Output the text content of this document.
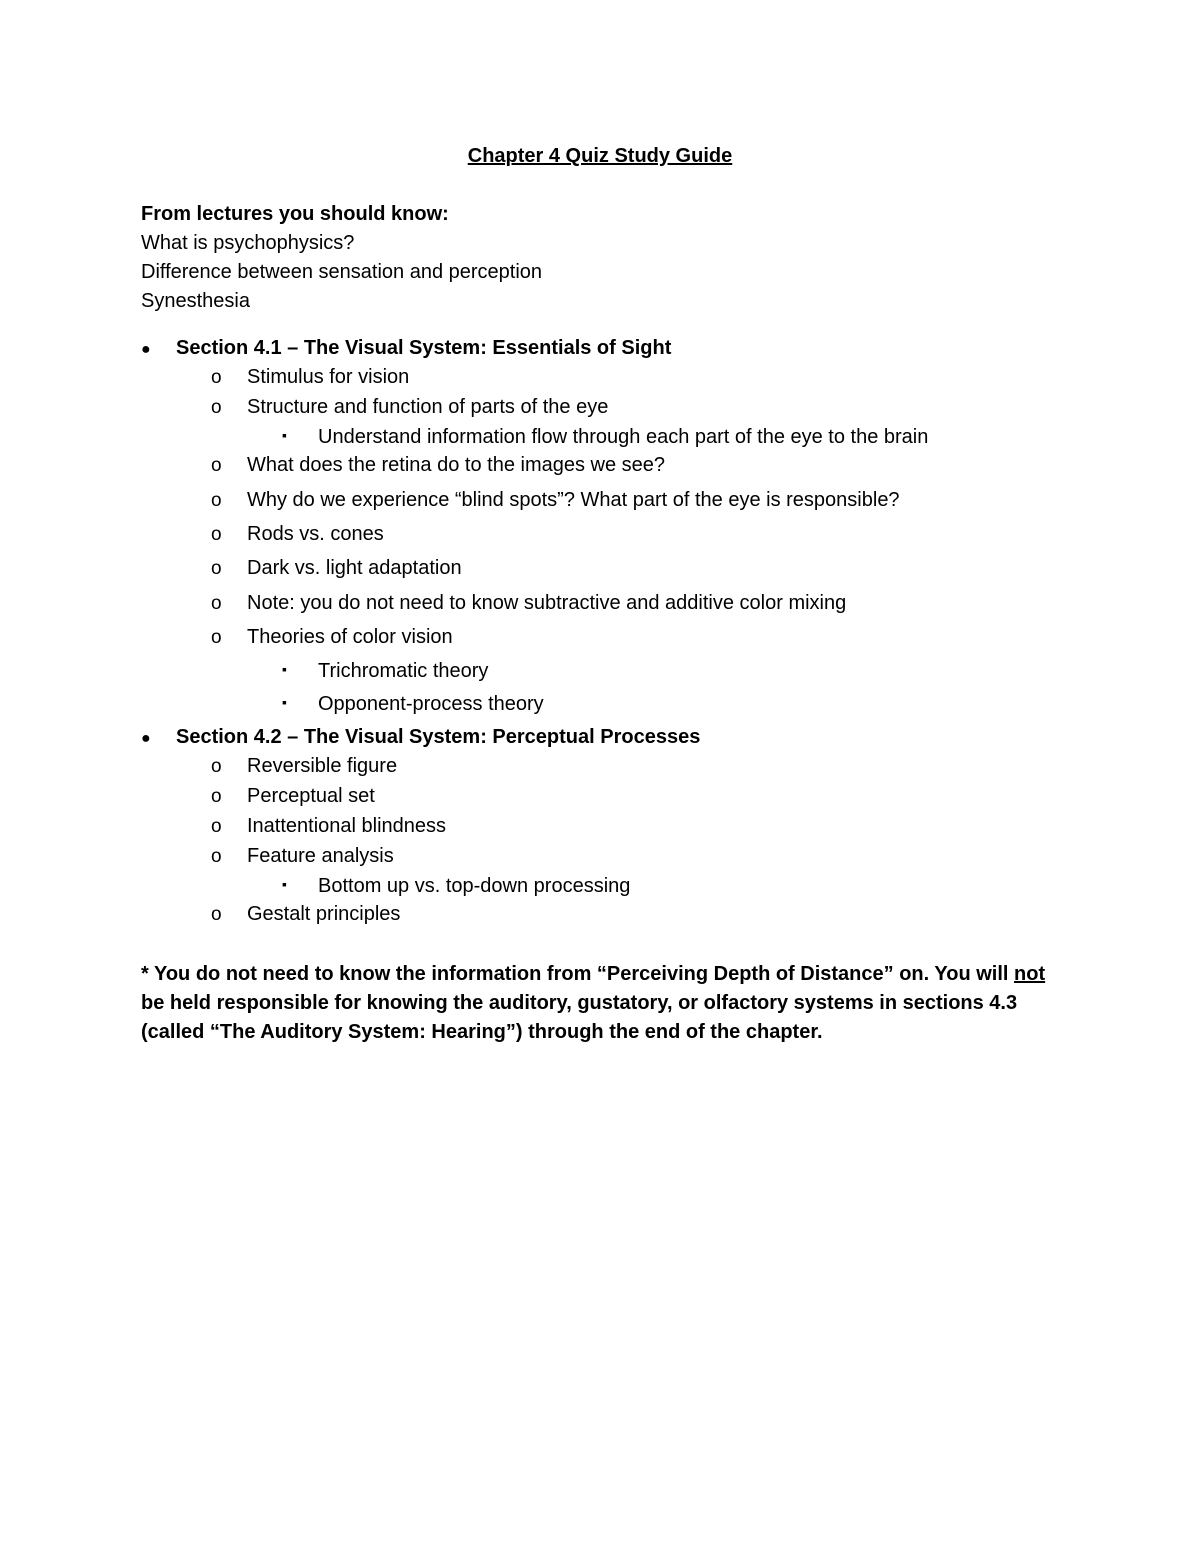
Chapter 4 Quiz Study Guide
From lectures you should know:
What is psychophysics?
Difference between sensation and perception
Synesthesia
● Section 4.1 – The Visual System: Essentials of Sight
o Stimulus for vision
o Structure and function of parts of the eye
▪ Understand information flow through each part of the eye to the brain
o What does the retina do to the images we see?
o Why do we experience “blind spots”? What part of the eye is responsible?
o Rods vs. cones
o Dark vs. light adaptation
o Note: you do not need to know subtractive and additive color mixing
o Theories of color vision
▪ Trichromatic theory
▪ Opponent-process theory
● Section 4.2 – The Visual System: Perceptual Processes
o Reversible figure
o Perceptual set
o Inattentional blindness
o Feature analysis
▪ Bottom up vs. top-down processing
o Gestalt principles
* You do not need to know the information from “Perceiving Depth of Distance” on. You will not be held responsible for knowing the auditory, gustatory, or olfactory systems in sections 4.3 (called “The Auditory System: Hearing”) through the end of the chapter.
